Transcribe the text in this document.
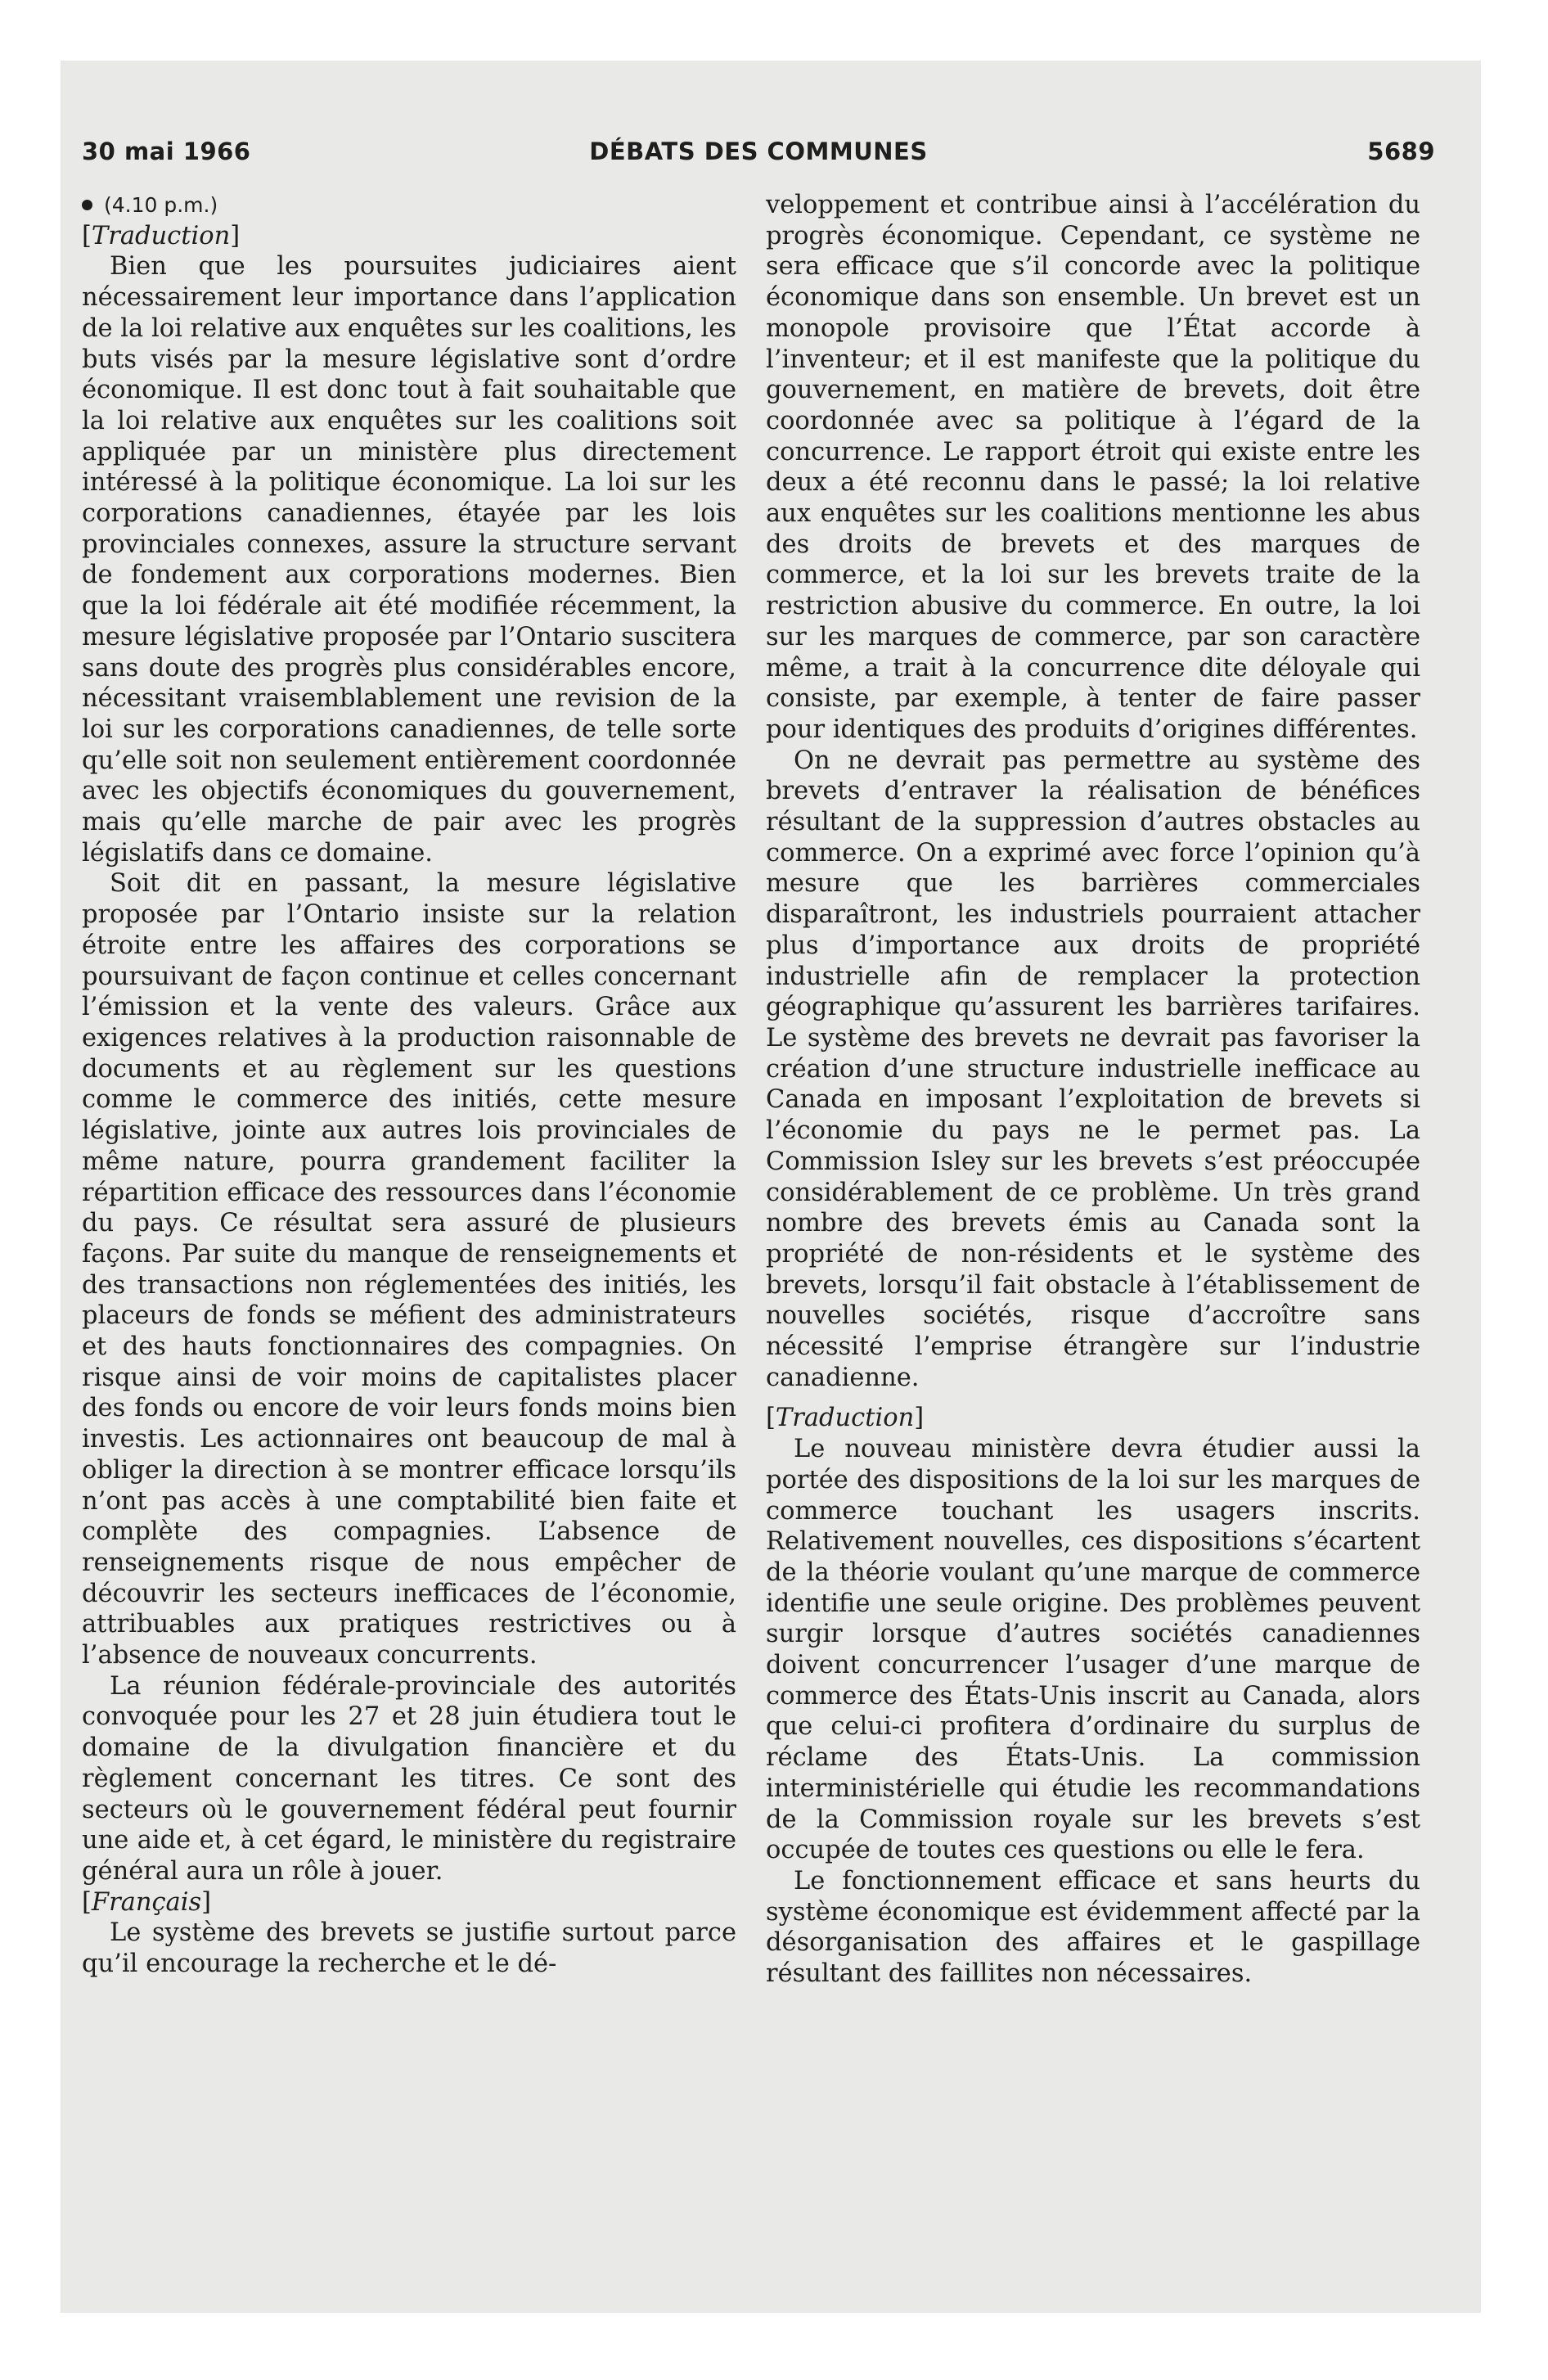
30 mai 1966	DÉBATS DES COMMUNES	5689

(4.10 p.m.)

[Traduction]

Bien que les poursuites judiciaires aient nécessairement leur importance dans l’application de la loi relative aux enquêtes sur les coalitions, les buts visés par la mesure législative sont d’ordre économique. Il est donc tout à fait souhaitable que la loi relative aux enquêtes sur les coalitions soit appliquée par un ministère plus directement intéressé à la politique économique. La loi sur les corporations canadiennes, étayée par les lois provinciales connexes, assure la structure servant de fondement aux corporations modernes. Bien que la loi fédérale ait été modifiée récemment, la mesure législative proposée par l’Ontario suscitera sans doute des progrès plus considérables encore, nécessitant vraisemblablement une revision de la loi sur les corporations canadiennes, de telle sorte qu’elle soit non seulement entièrement coordonnée avec les objectifs économiques du gouvernement, mais qu’elle marche de pair avec les progrès législatifs dans ce domaine.

Soit dit en passant, la mesure législative proposée par l’Ontario insiste sur la relation étroite entre les affaires des corporations se poursuivant de façon continue et celles concernant l’émission et la vente des valeurs. Grâce aux exigences relatives à la production raisonnable de documents et au règlement sur les questions comme le commerce des initiés, cette mesure législative, jointe aux autres lois provinciales de même nature, pourra grandement faciliter la répartition efficace des ressources dans l’économie du pays. Ce résultat sera assuré de plusieurs façons. Par suite du manque de renseignements et des transactions non réglementées des initiés, les placeurs de fonds se méfient des administrateurs et des hauts fonctionnaires des compagnies. On risque ainsi de voir moins de capitalistes placer des fonds ou encore de voir leurs fonds moins bien investis. Les actionnaires ont beaucoup de mal à obliger la direction à se montrer efficace lorsqu’ils n’ont pas accès à une comptabilité bien faite et complète des compagnies. L’absence de renseignements risque de nous empêcher de découvrir les secteurs inefficaces de l’économie, attribuables aux pratiques restrictives ou à l’absence de nouveaux concurrents.

La réunion fédérale-provinciale des autorités convoquée pour les 27 et 28 juin étudiera tout le domaine de la divulgation financière et du règlement concernant les titres. Ce sont des secteurs où le gouvernement fédéral peut fournir une aide et, à cet égard, le ministère du registraire général aura un rôle à jouer.

[Français]

Le système des brevets se justifie surtout parce qu’il encourage la recherche et le dé-

veloppement et contribue ainsi à l’accélération du progrès économique. Cependant, ce système ne sera efficace que s’il concorde avec la politique économique dans son ensemble. Un brevet est un monopole provisoire que l’État accorde à l’inventeur; et il est manifeste que la politique du gouvernement, en matière de brevets, doit être coordonnée avec sa politique à l’égard de la concurrence. Le rapport étroit qui existe entre les deux a été reconnu dans le passé; la loi relative aux enquêtes sur les coalitions mentionne les abus des droits de brevets et des marques de commerce, et la loi sur les brevets traite de la restriction abusive du commerce. En outre, la loi sur les marques de commerce, par son caractère même, a trait à la concurrence dite déloyale qui consiste, par exemple, à tenter de faire passer pour identiques des produits d’origines différentes.

On ne devrait pas permettre au système des brevets d’entraver la réalisation de bénéfices résultant de la suppression d’autres obstacles au commerce. On a exprimé avec force l’opinion qu’à mesure que les barrières commerciales disparaîtront, les industriels pourraient attacher plus d’importance aux droits de propriété industrielle afin de remplacer la protection géographique qu’assurent les barrières tarifaires. Le système des brevets ne devrait pas favoriser la création d’une structure industrielle inefficace au Canada en imposant l’exploitation de brevets si l’économie du pays ne le permet pas. La Commission Isley sur les brevets s’est préoccupée considérablement de ce problème. Un très grand nombre des brevets émis au Canada sont la propriété de non-résidents et le système des brevets, lorsqu’il fait obstacle à l’établissement de nouvelles sociétés, risque d’accroître sans nécessité l’emprise étrangère sur l’industrie canadienne.

[Traduction]

Le nouveau ministère devra étudier aussi la portée des dispositions de la loi sur les marques de commerce touchant les usagers inscrits. Relativement nouvelles, ces dispositions s’écartent de la théorie voulant qu’une marque de commerce identifie une seule origine. Des problèmes peuvent surgir lorsque d’autres sociétés canadiennes doivent concurrencer l’usager d’une marque de commerce des États-Unis inscrit au Canada, alors que celui-ci profitera d’ordinaire du surplus de réclame des États-Unis. La commission interministérielle qui étudie les recommandations de la Commission royale sur les brevets s’est occupée de toutes ces questions ou elle le fera.

Le fonctionnement efficace et sans heurts du système économique est évidemment affecté par la désorganisation des affaires et le gaspillage résultant des faillites non nécessaires.
